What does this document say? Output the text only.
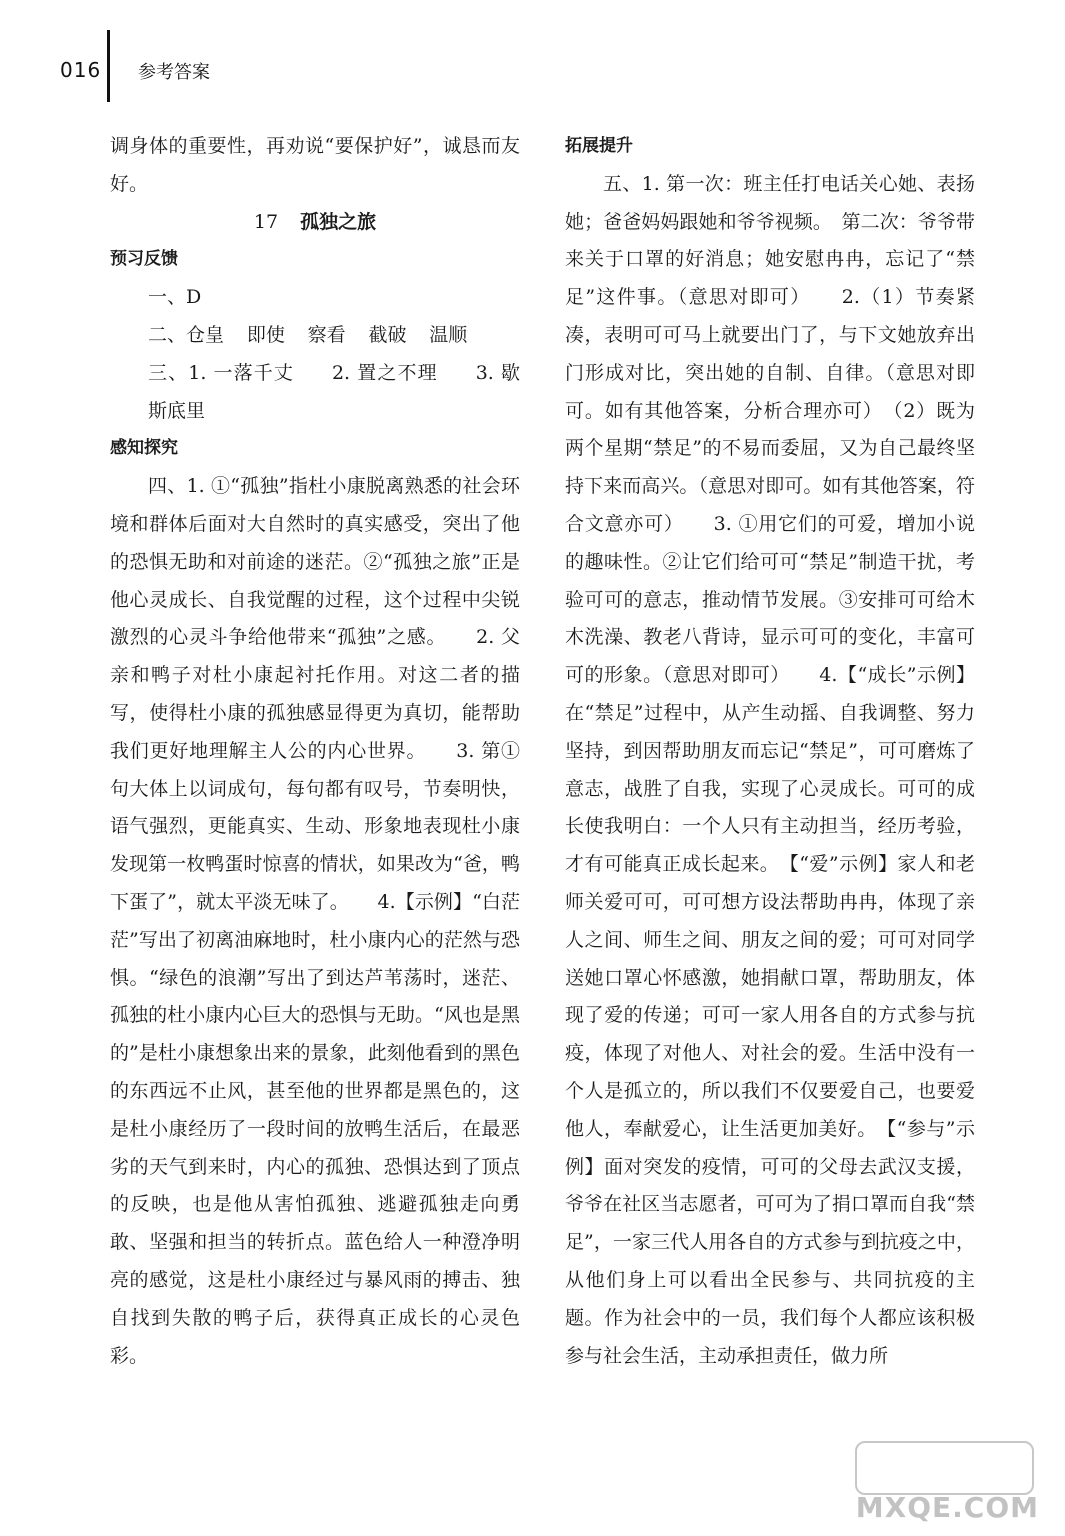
016 参考答案

调身体的重要性，再劝说“要保护好”，诚恳而友好。

17 孤独之旅

预习反馈

一、D

二、仓皇 即使 察看 截破 温顺

三、1. 一落千丈 2. 置之不理 3. 歇斯底里

感知探究

四、1. ①“孤独”指杜小康脱离熟悉的社会环境和群体后面对大自然时的真实感受，突出了他的恐惧无助和对前途的迷茫。②“孤独之旅”正是他心灵成长、自我觉醒的过程，这个过程中尖锐激烈的心灵斗争给他带来“孤独”之感。　　2. 父亲和鸭子对杜小康起衬托作用。对这二者的描写，使得杜小康的孤独感显得更为真切，能帮助我们更好地理解主人公的内心世界。　　3. 第①句大体上以词成句，每句都有叹号，节奏明快，语气强烈，更能真实、生动、形象地表现杜小康发现第一枚鸭蛋时惊喜的情状，如果改为“爸，鸭下蛋了”，就太平淡无味了。　　4.【示例】“白茫茫”写出了初离油麻地时，杜小康内心的茫然与恐惧。“绿色的浪潮”写出了到达芦苇荡时，迷茫、孤独的杜小康内心巨大的恐惧与无助。“风也是黑的”是杜小康想象出来的景象，此刻他看到的黑色的东西远不止风，甚至他的世界都是黑色的，这是杜小康经历了一段时间的放鸭生活后，在最恶劣的天气到来时，内心的孤独、恐惧达到了顶点的反映，也是他从害怕孤独、逃避孤独走向勇敢、坚强和担当的转折点。蓝色给人一种澄净明亮的感觉，这是杜小康经过与暴风雨的搏击、独自找到失散的鸭子后，获得真正成长的心灵色彩。

拓展提升

五、1. 第一次：班主任打电话关心她、表扬她；爸爸妈妈跟她和爷爷视频。　第二次：爷爷带来关于口罩的好消息；她安慰冉冉，忘记了“禁足”这件事。（意思对即可）　　2.（1）节奏紧凑，表明可可马上就要出门了，与下文她放弃出门形成对比，突出她的自制、自律。（意思对即可。如有其他答案，分析合理亦可）　（2）既为两个星期“禁足”的不易而委屈，又为自己最终坚持下来而高兴。（意思对即可。如有其他答案，符合文意亦可）　　3. ①用它们的可爱，增加小说的趣味性。②让它们给可可“禁足”制造干扰，考验可可的意志，推动情节发展。③安排可可给木木洗澡、教老八背诗，显示可可的变化，丰富可可的形象。（意思对即可）　　4.【“成长”示例】在“禁足”过程中，从产生动摇、自我调整、努力坚持，到因帮助朋友而忘记“禁足”，可可磨炼了意志，战胜了自我，实现了心灵成长。可可的成长使我明白：一个人只有主动担当，经历考验，才有可能真正成长起来。　【“爱”示例】家人和老师关爱可可，可可想方设法帮助冉冉，体现了亲人之间、师生之间、朋友之间的爱；可可对同学送她口罩心怀感激，她捐献口罩，帮助朋友，体现了爱的传递；可可一家人用各自的方式参与抗疫，体现了对他人、对社会的爱。生活中没有一个人是孤立的，所以我们不仅要爱自己，也要爱他人，奉献爱心，让生活更加美好。　【“参与”示例】面对突发的疫情，可可的父母去武汉支援，爷爷在社区当志愿者，可可为了捐口罩而自我“禁足”，一家三代人用各自的方式参与到抗疫之中，从他们身上可以看出全民参与、共同抗疫的主题。作为社会中的一员，我们每个人都应该积极参与社会生活，主动承担责任，做力所

MXQE.COM
